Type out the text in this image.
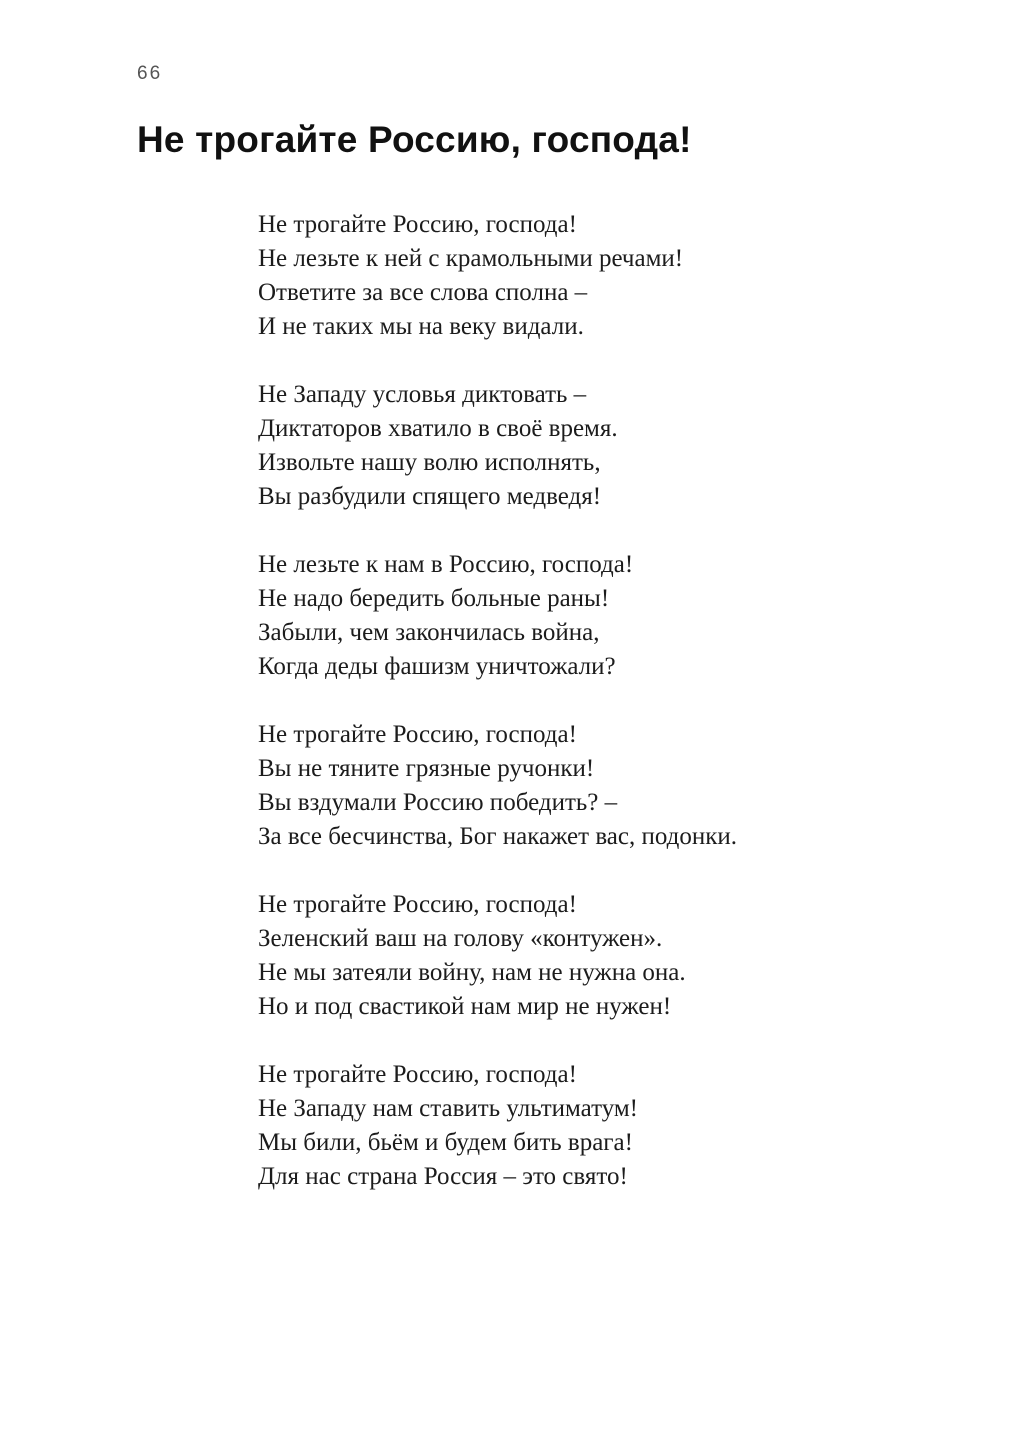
66
Не трогайте Россию, господа!
Не трогайте Россию, господа!
Не лезьте к ней с крамольными речами!
Ответите за все слова сполна –
И не таких мы на веку видали.
Не Западу условья диктовать –
Диктаторов хватило в своё время.
Извольте нашу волю исполнять,
Вы разбудили спящего медведя!
Не лезьте к нам в Россию, господа!
Не надо бередить больные раны!
Забыли, чем закончилась война,
Когда деды фашизм уничтожали?
Не трогайте Россию, господа!
Вы не тяните грязные ручонки!
Вы вздумали Россию победить? –
За все бесчинства, Бог накажет вас, подонки.
Не трогайте Россию, господа!
Зеленский ваш на голову «контужен».
Не мы затеяли войну, нам не нужна она.
Но и под свастикой нам мир не нужен!
Не трогайте Россию, господа!
Не Западу нам ставить ультиматум!
Мы били, бьём и будем бить врага!
Для нас страна Россия – это свято!
